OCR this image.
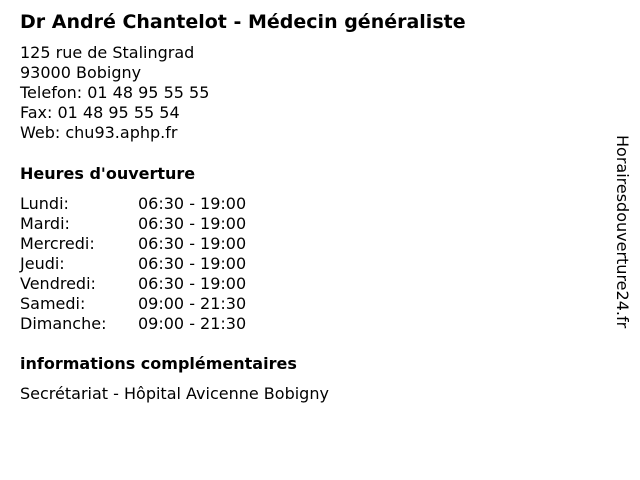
Dr André Chantelot - Médecin généraliste
125 rue de Stalingrad
93000 Bobigny
Telefon: 01 48 95 55 55
Fax: 01 48 95 55 54
Web: chu93.aphp.fr
Heures d'ouverture
Lundi:	06:30 - 19:00
Mardi:	06:30 - 19:00
Mercredi:	06:30 - 19:00
Jeudi:	06:30 - 19:00
Vendredi:	06:30 - 19:00
Samedi:	09:00 - 21:30
Dimanche:	09:00 - 21:30
informations complémentaires
Secrétariat - Hôpital Avicenne Bobigny
Horairesdouverture24.fr
